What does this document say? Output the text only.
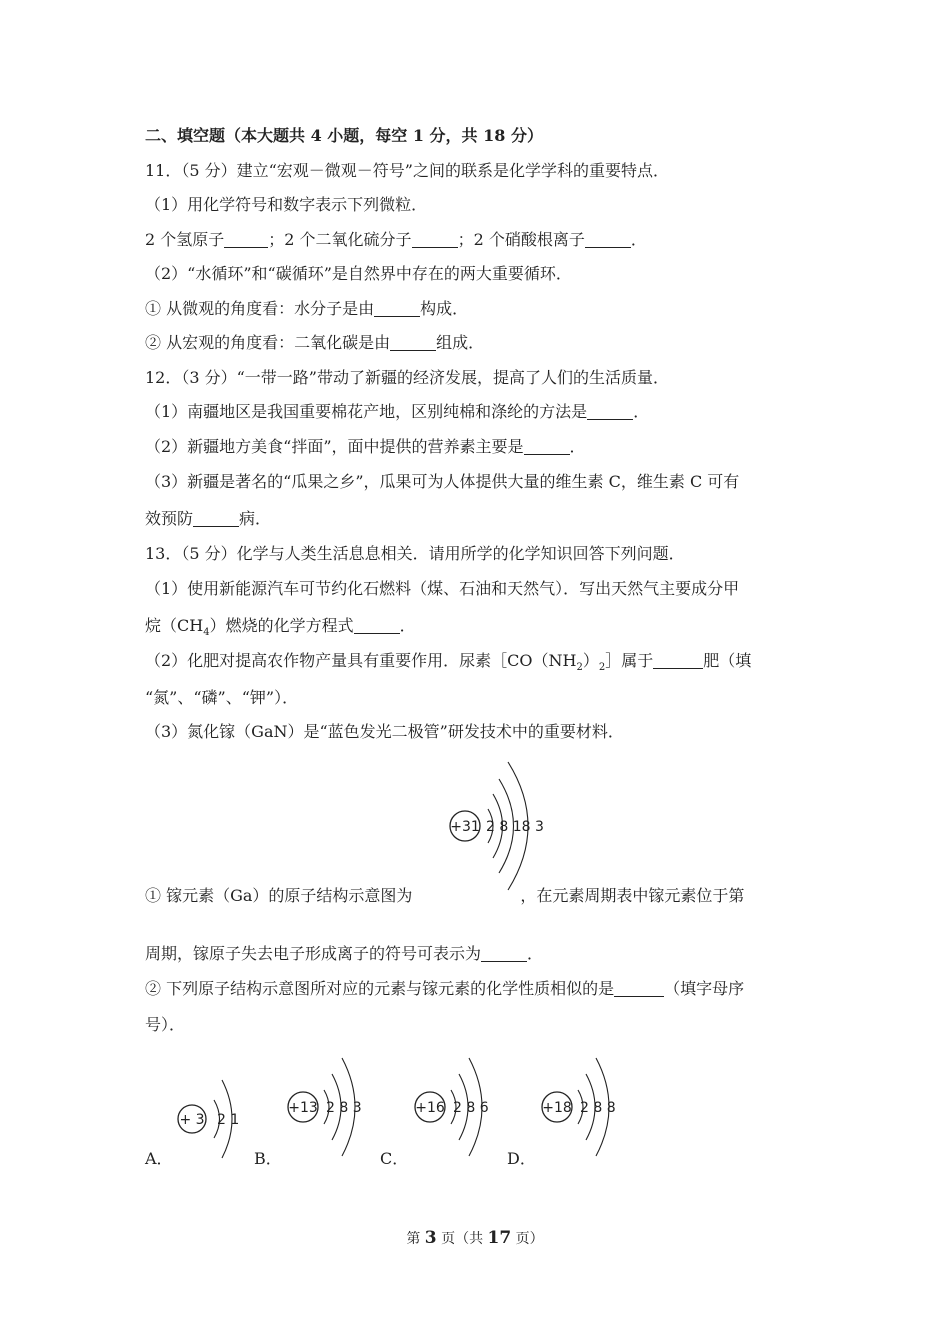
二、填空题（本大题共 4 小题，每空 1 分，共 18 分）
11．（5 分）建立“宏观－微观－符号”之间的联系是化学学科的重要特点．
（1）用化学符号和数字表示下列微粒．
2 个氢原子	；2 个二氧化硫分子	；2 个硝酸根离子	．
（2）“水循环”和“碳循环”是自然界中存在的两大重要循环．
① 从微观的角度看：水分子是由	构成．
② 从宏观的角度看：二氧化碳是由	组成．
12．（3 分）“一带一路”带动了新疆的经济发展，提高了人们的生活质量．
（1）南疆地区是我国重要棉花产地，区别纯棉和涤纶的方法是	．
（2）新疆地方美食“拌面”，面中提供的营养素主要是	．
（3）新疆是著名的“瓜果之乡”，瓜果可为人体提供大量的维生素 C，维生素 C 可有
效预防	病．
13．（5 分）化学与人类生活息息相关．请用所学的化学知识回答下列问题．
（1）使用新能源汽车可节约化石燃料（煤、石油和天然气）．写出天然气主要成分甲
烷$(CH_4)$燃烧的化学方程式	．
（2）化肥对提高农作物产量具有重要作用．尿素$[CO(NH_2)_2]$属于	肥（填
“氮”、“磷”、“钾”）．
（3）氮化镓（GaN）是“蓝色发光二极管”研发技术中的重要材料．
+31 2 8 18 3
① 镓元素（Ga）的原子结构示意图为	，在元素周期表中镓元素位于第
周期，镓原子失去电子形成离子的符号可表示为	．
② 下列原子结构示意图所对应的元素与镓元素的化学性质相似的是	（填字母序
号）．
+ 3 2 1
+13 2 8 3	+16 2 8 6	+18 2 8 8
A．	B．	C．	D．
第 3 页（共 17 页）
